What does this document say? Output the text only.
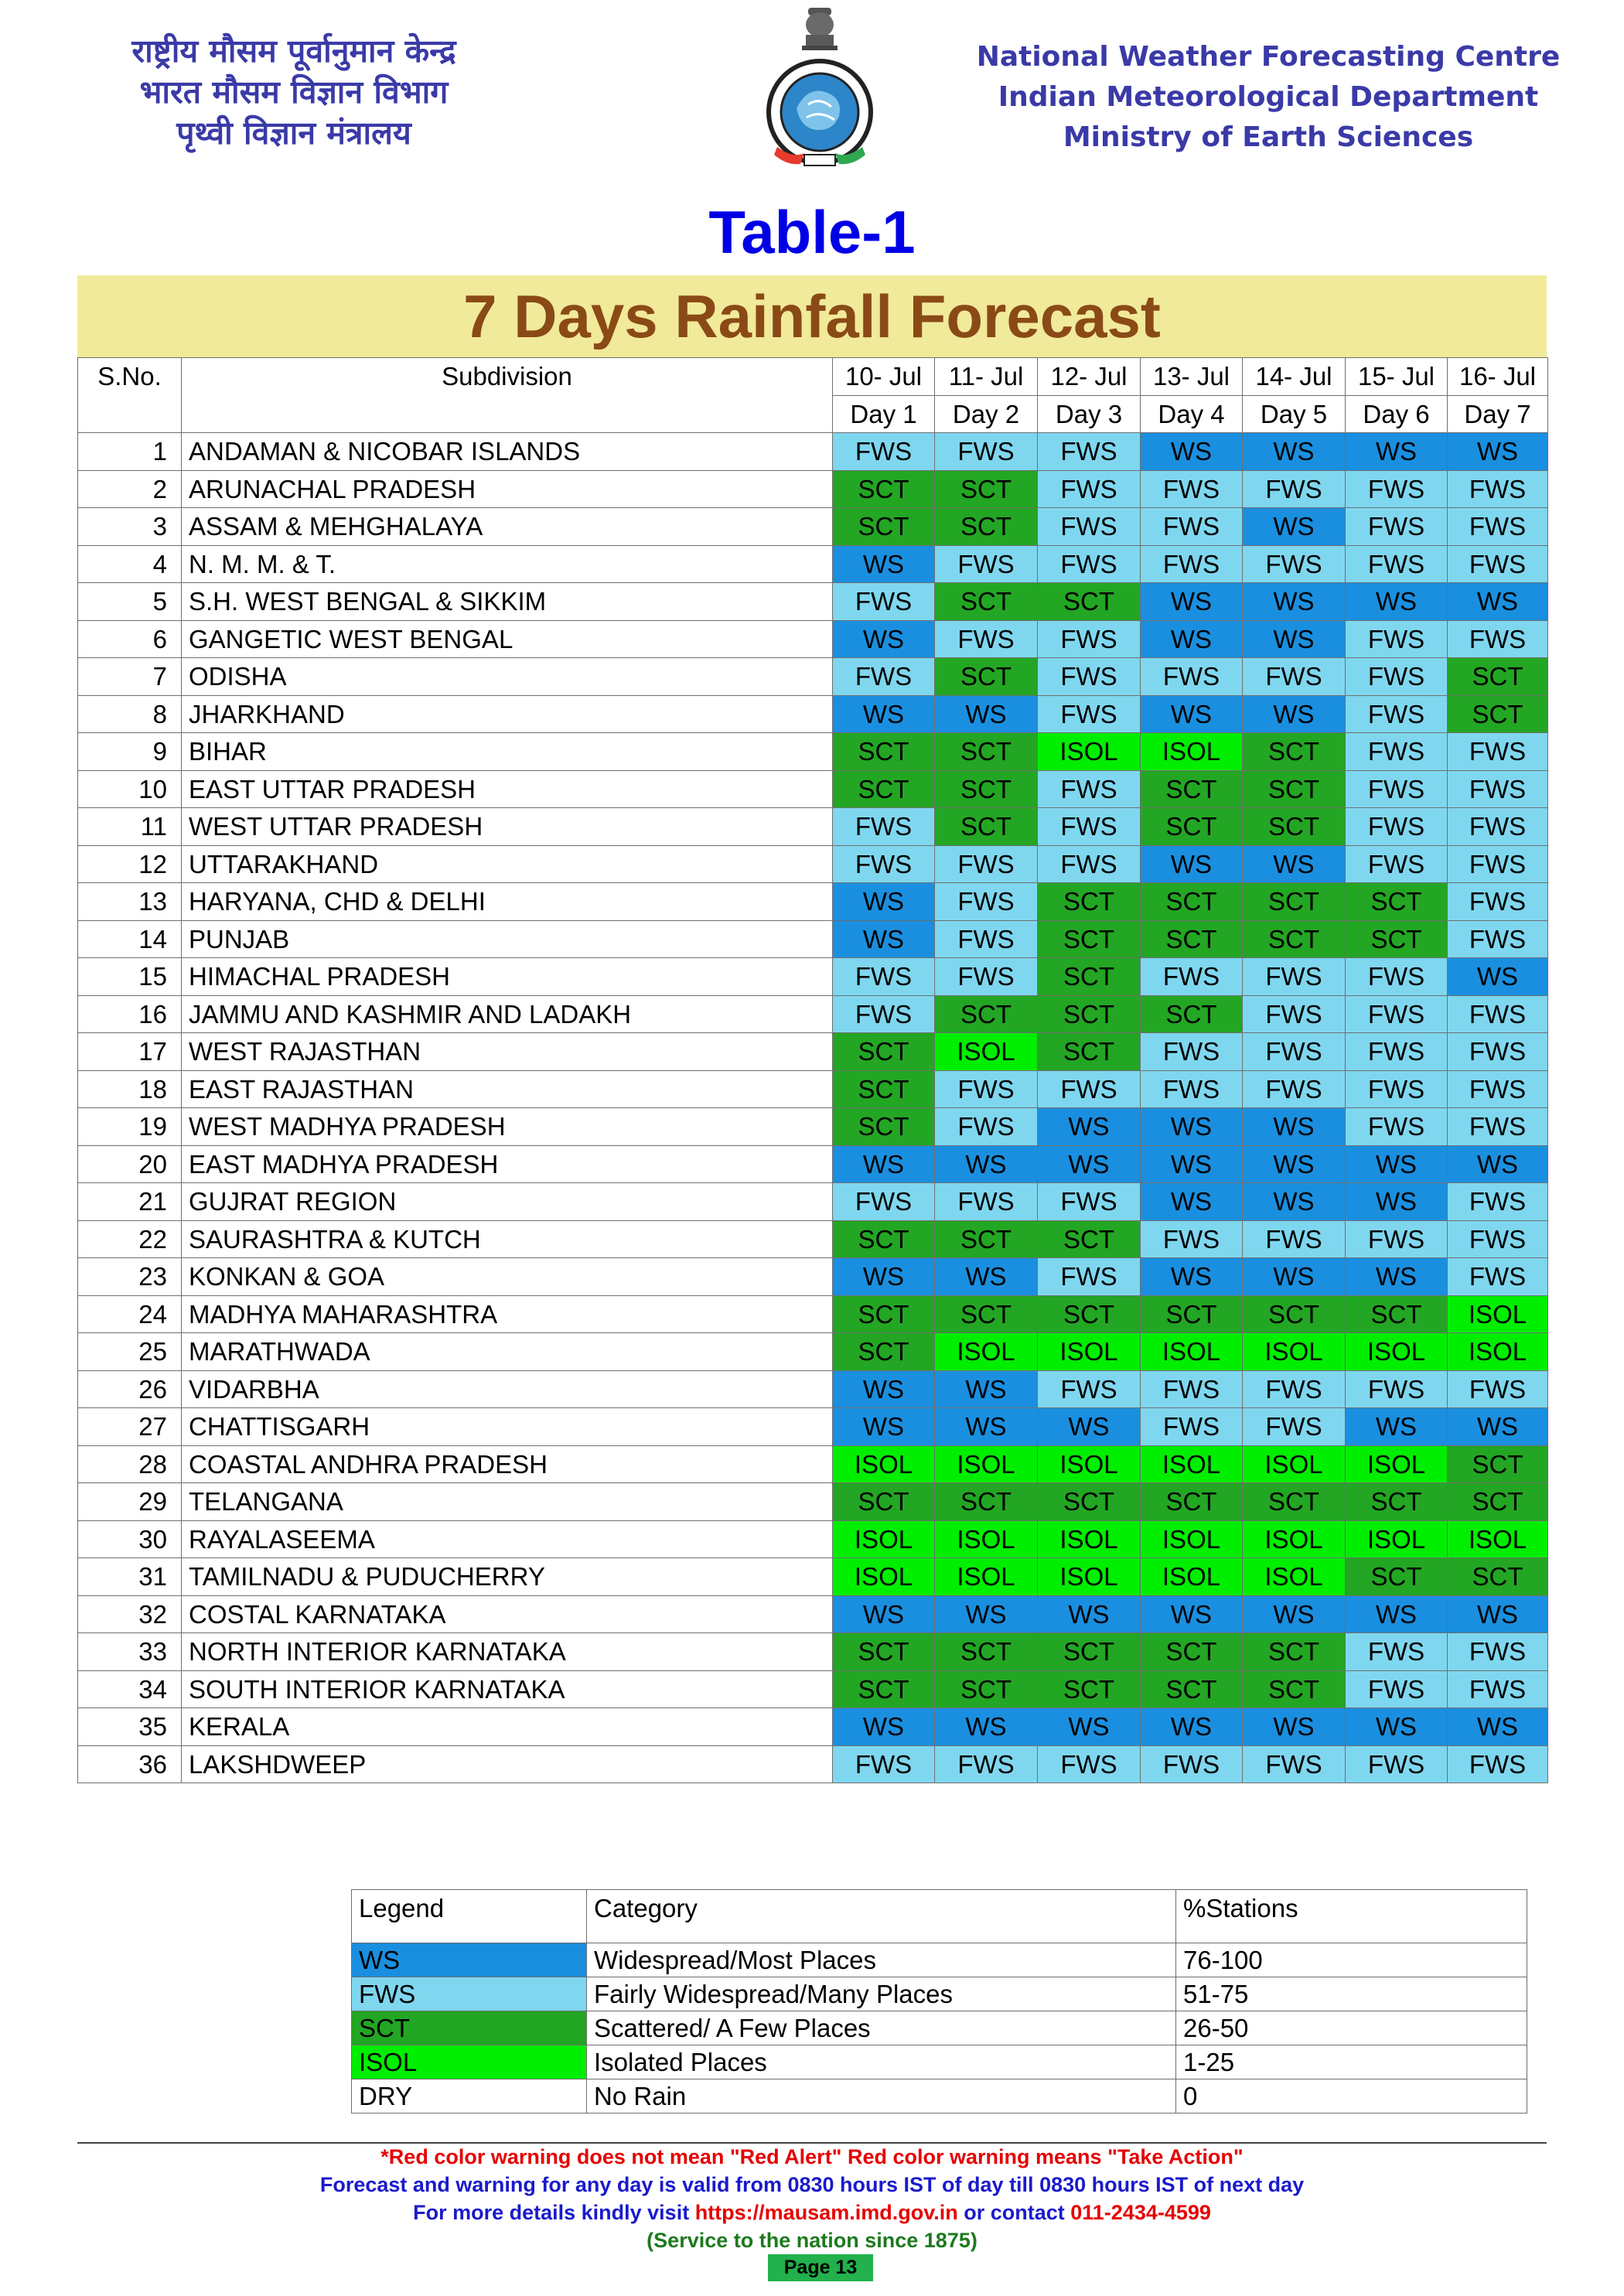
राष्ट्रीय मौसम पूर्वानुमान केन्द्र
भारत मौसम विज्ञान विभाग
पृथ्वी विज्ञान मंत्रालय
National Weather Forecasting Centre
Indian Meteorological Department
Ministry of Earth Sciences
Table-1
7 Days Rainfall Forecast
S.No.	Subdivision	10- Jul	11- Jul	12- Jul	13- Jul	14- Jul	15- Jul	16- Jul
		Day 1	Day 2	Day 3	Day 4	Day 5	Day 6	Day 7
1	ANDAMAN & NICOBAR ISLANDS	FWS	FWS	FWS	WS	WS	WS	WS
2	ARUNACHAL PRADESH	SCT	SCT	FWS	FWS	FWS	FWS	FWS
3	ASSAM & MEHGHALAYA	SCT	SCT	FWS	FWS	WS	FWS	FWS
4	N. M. M. & T.	WS	FWS	FWS	FWS	FWS	FWS	FWS
5	S.H. WEST BENGAL & SIKKIM	FWS	SCT	SCT	WS	WS	WS	WS
6	GANGETIC WEST BENGAL	WS	FWS	FWS	WS	WS	FWS	FWS
7	ODISHA	FWS	SCT	FWS	FWS	FWS	FWS	SCT
8	JHARKHAND	WS	WS	FWS	WS	WS	FWS	SCT
9	BIHAR	SCT	SCT	ISOL	ISOL	SCT	FWS	FWS
10	EAST UTTAR PRADESH	SCT	SCT	FWS	SCT	SCT	FWS	FWS
11	WEST UTTAR PRADESH	FWS	SCT	FWS	SCT	SCT	FWS	FWS
12	UTTARAKHAND	FWS	FWS	FWS	WS	WS	FWS	FWS
13	HARYANA, CHD & DELHI	WS	FWS	SCT	SCT	SCT	SCT	FWS
14	PUNJAB	WS	FWS	SCT	SCT	SCT	SCT	FWS
15	HIMACHAL PRADESH	FWS	FWS	SCT	FWS	FWS	FWS	WS
16	JAMMU AND KASHMIR AND LADAKH	FWS	SCT	SCT	SCT	FWS	FWS	FWS
17	WEST RAJASTHAN	SCT	ISOL	SCT	FWS	FWS	FWS	FWS
18	EAST RAJASTHAN	SCT	FWS	FWS	FWS	FWS	FWS	FWS
19	WEST MADHYA PRADESH	SCT	FWS	WS	WS	WS	FWS	FWS
20	EAST MADHYA PRADESH	WS	WS	WS	WS	WS	WS	WS
21	GUJRAT REGION	FWS	FWS	FWS	WS	WS	WS	FWS
22	SAURASHTRA & KUTCH	SCT	SCT	SCT	FWS	FWS	FWS	FWS
23	KONKAN & GOA	WS	WS	FWS	WS	WS	WS	FWS
24	MADHYA MAHARASHTRA	SCT	SCT	SCT	SCT	SCT	SCT	ISOL
25	MARATHWADA	SCT	ISOL	ISOL	ISOL	ISOL	ISOL	ISOL
26	VIDARBHA	WS	WS	FWS	FWS	FWS	FWS	FWS
27	CHATTISGARH	WS	WS	WS	FWS	FWS	WS	WS
28	COASTAL ANDHRA PRADESH	ISOL	ISOL	ISOL	ISOL	ISOL	ISOL	SCT
29	TELANGANA	SCT	SCT	SCT	SCT	SCT	SCT	SCT
30	RAYALASEEMA	ISOL	ISOL	ISOL	ISOL	ISOL	ISOL	ISOL
31	TAMILNADU & PUDUCHERRY	ISOL	ISOL	ISOL	ISOL	ISOL	SCT	SCT
32	COSTAL KARNATAKA	WS	WS	WS	WS	WS	WS	WS
33	NORTH INTERIOR KARNATAKA	SCT	SCT	SCT	SCT	SCT	FWS	FWS
34	SOUTH INTERIOR KARNATAKA	SCT	SCT	SCT	SCT	SCT	FWS	FWS
35	KERALA	WS	WS	WS	WS	WS	WS	WS
36	LAKSHDWEEP	FWS	FWS	FWS	FWS	FWS	FWS	FWS
Legend	Category	%Stations
WS	Widespread/Most Places	76-100
FWS	Fairly Widespread/Many Places	51-75
SCT	Scattered/ A Few Places	26-50
ISOL	Isolated Places	1-25
DRY	No Rain	0
*Red color warning does not mean "Red Alert" Red color warning means "Take Action"
Forecast and warning for any day is valid from 0830 hours IST of day till 0830 hours IST of next day
For more details kindly visit https://mausam.imd.gov.in or contact 011-2434-4599
(Service to the nation since 1875)
Page 13
